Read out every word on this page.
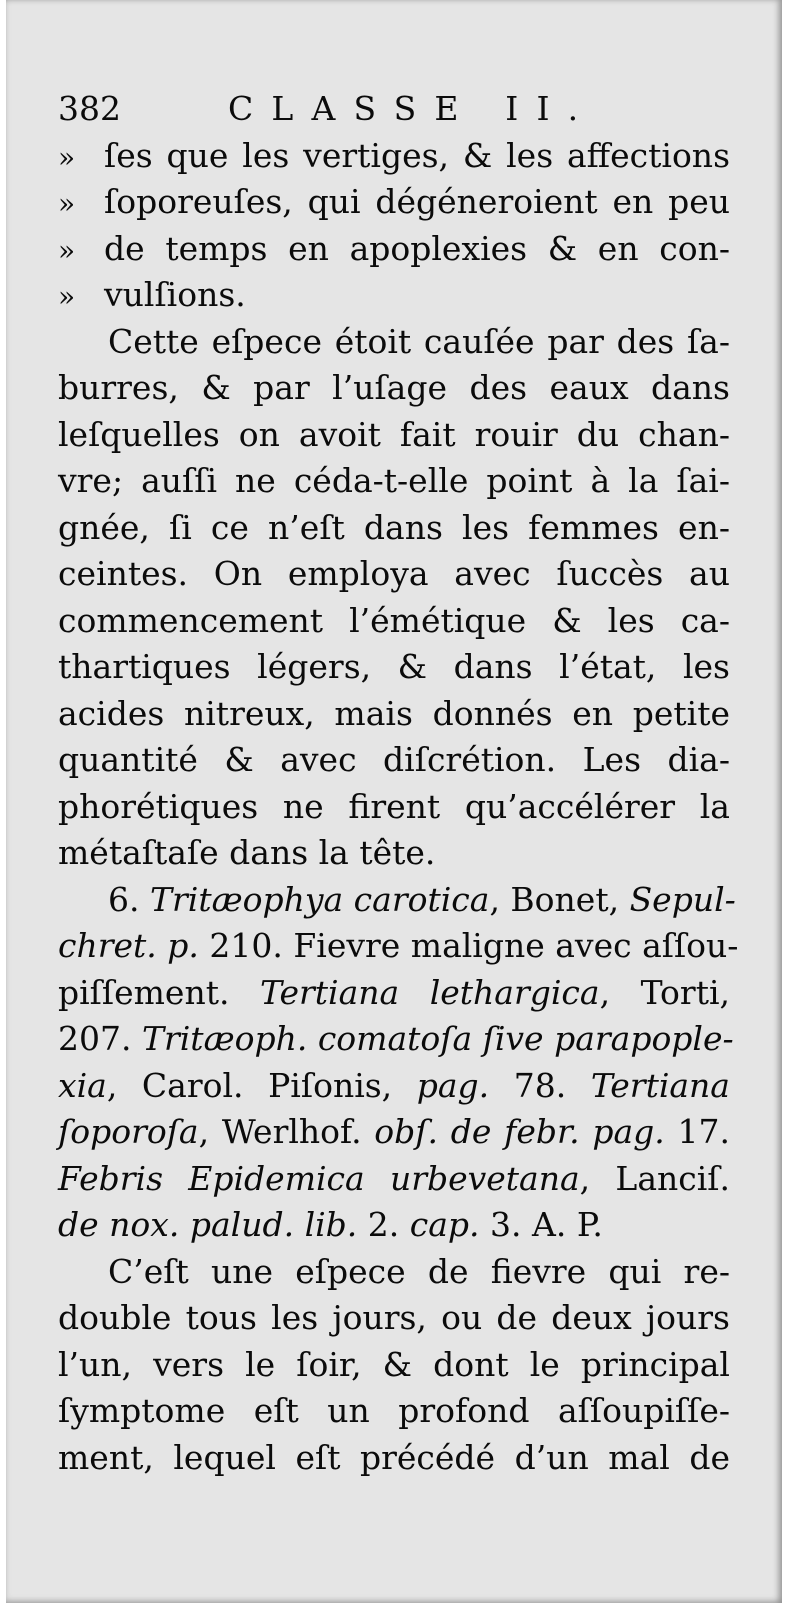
382	CLASSE II.
» ſes que les vertiges, & les affections
» ſoporeuſes, qui dégéneroient en peu
» de temps en apoplexies & en con-
» vulſions.
Cette eſpece étoit cauſée par des ſa-
burres, & par l’uſage des eaux dans
leſquelles on avoit fait rouir du chan-
vre; auſſi ne céda-t-elle point à la ſai-
gnée, ſi ce n’eſt dans les femmes en-
ceintes. On employa avec ſuccès au
commencement l’émétique & les ca-
thartiques légers, & dans l’état, les
acides nitreux, mais donnés en petite
quantité & avec diſcrétion. Les dia-
phorétiques ne firent qu’accélérer la
métaſtaſe dans la tête.
6. Tritæophya carotica, Bonet, Sepul-
chret. p. 210. Fievre maligne avec aſſou-
piſſement. Tertiana lethargica, Torti,
207. Tritæoph. comatoſa ſive parapople-
xia, Carol. Piſonis, pag. 78. Tertiana
ſoporoſa, Werlhof. obſ. de febr. pag. 17.
Febris Epidemica urbevetana, Lanciſ.
de nox. palud. lib. 2. cap. 3. A. P.
C’eſt une eſpece de fievre qui re-
double tous les jours, ou de deux jours
l’un, vers le ſoir, & dont le principal
ſymptome eſt un profond aſſoupiſſe-
ment, lequel eſt précédé d’un mal de
